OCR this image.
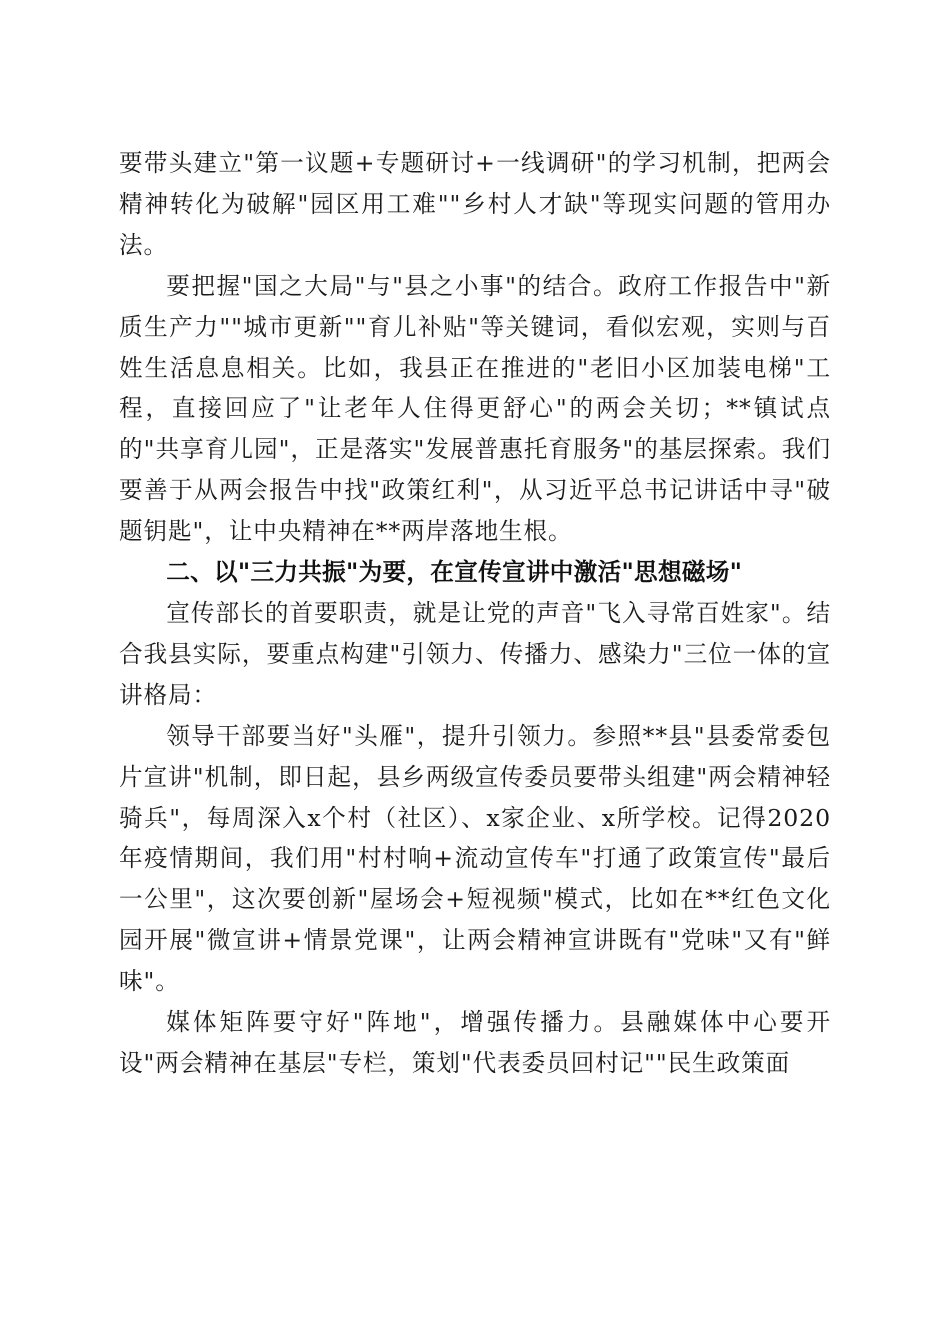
要带头建立"第一议题+专题研讨+一线调研"的学习机制，把两会精神转化为破解"园区用工难""乡村人才缺"等现实问题的管用办法。

要把握"国之大局"与"县之小事"的结合。政府工作报告中"新质生产力""城市更新""育儿补贴"等关键词，看似宏观，实则与百姓生活息息相关。比如，我县正在推进的"老旧小区加装电梯"工程，直接回应了"让老年人住得更舒心"的两会关切；**镇试点的"共享育儿园"，正是落实"发展普惠托育服务"的基层探索。我们要善于从两会报告中找"政策红利"，从习近平总书记讲话中寻"破题钥匙"，让中央精神在**两岸落地生根。

二、以"三力共振"为要，在宣传宣讲中激活"思想磁场"

宣传部长的首要职责，就是让党的声音"飞入寻常百姓家"。结合我县实际，要重点构建"引领力、传播力、感染力"三位一体的宣讲格局：

领导干部要当好"头雁"，提升引领力。参照**县"县委常委包片宣讲"机制，即日起，县乡两级宣传委员要带头组建"两会精神轻骑兵"，每周深入x个村（社区）、x家企业、x所学校。记得2020年疫情期间，我们用"村村响+流动宣传车"打通了政策宣传"最后一公里"，这次要创新"屋场会+短视频"模式，比如在**红色文化园开展"微宣讲+情景党课"，让两会精神宣讲既有"党味"又有"鲜味"。

媒体矩阵要守好"阵地"，增强传播力。县融媒体中心要开设"两会精神在基层"专栏，策划"代表委员回村记""民生政策面
